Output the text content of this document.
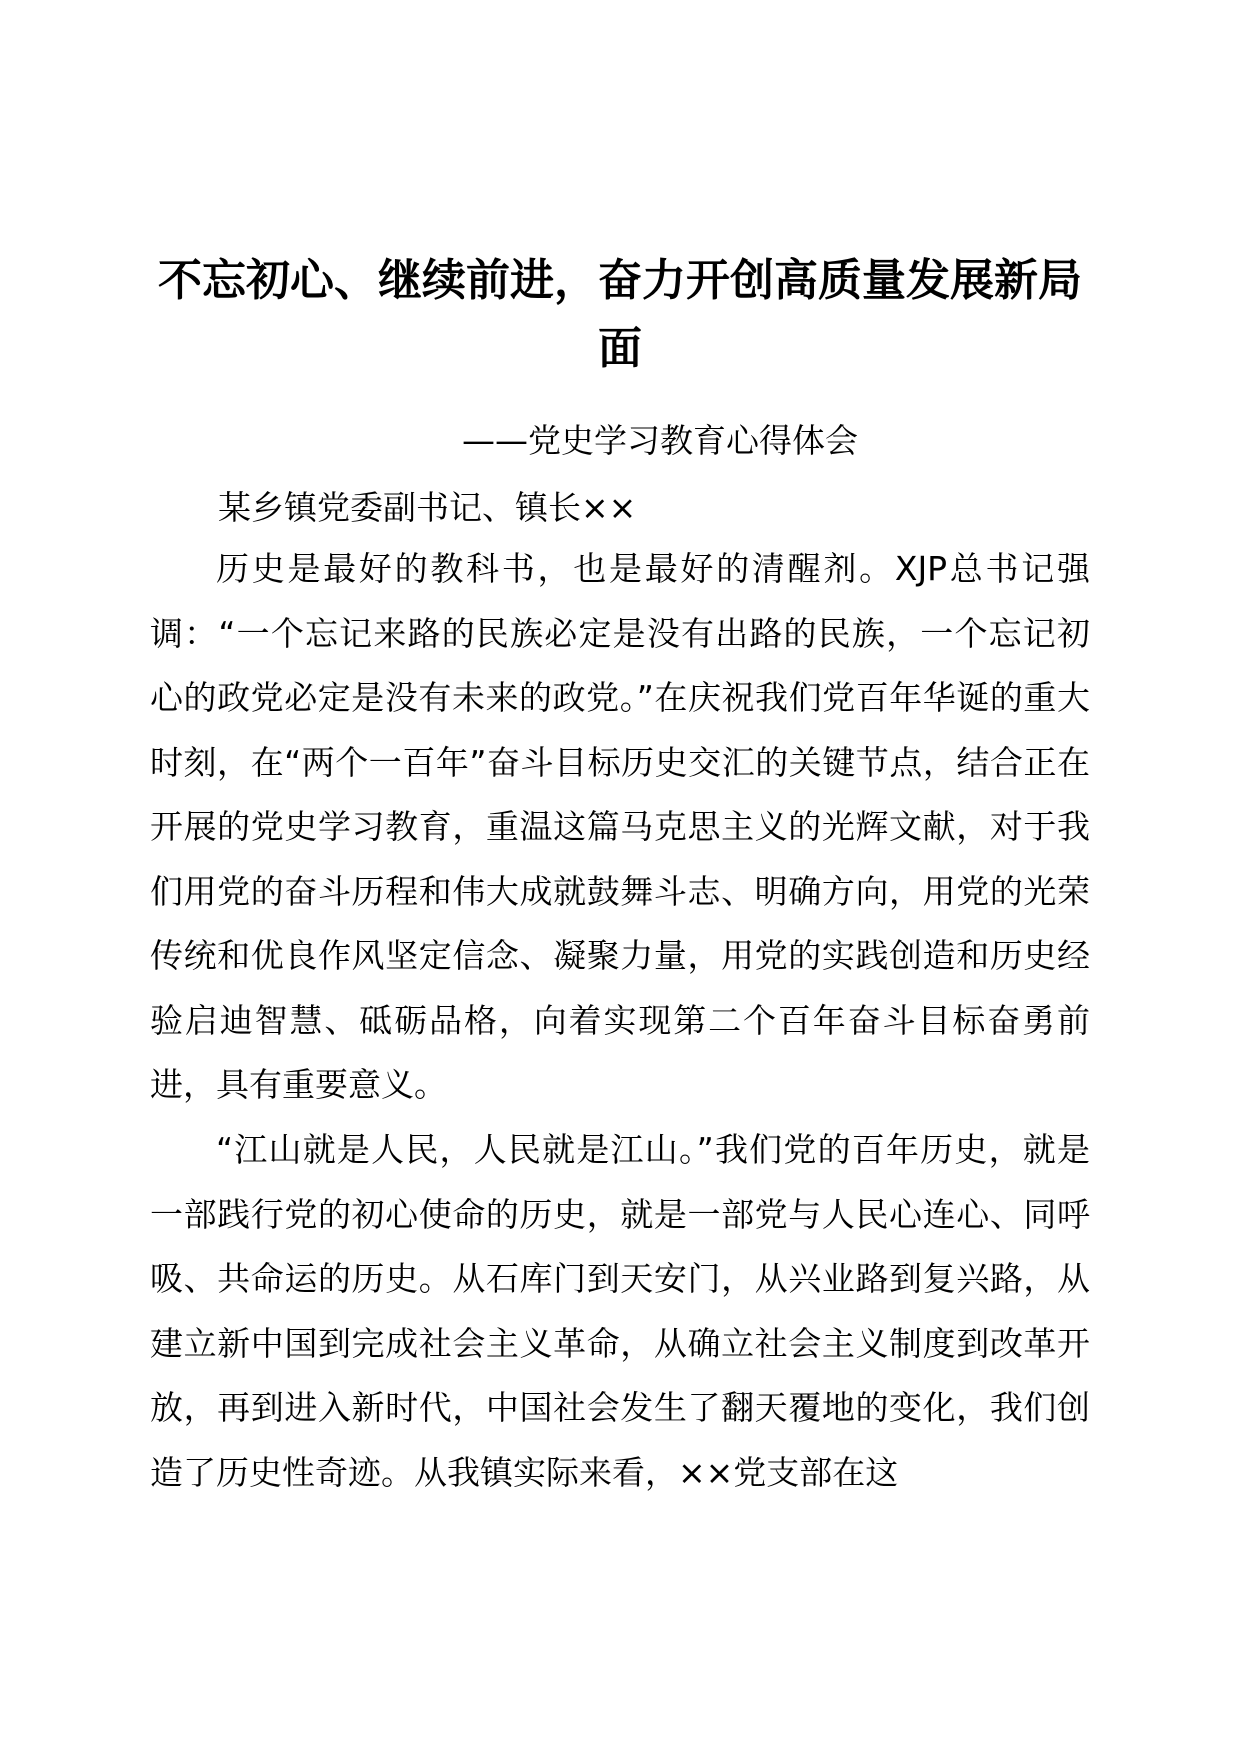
不忘初心、继续前进，奋力开创高质量发展新局面

——党史学习教育心得体会

某乡镇党委副书记、镇长××

历史是最好的教科书，也是最好的清醒剂。XJP总书记强调：“一个忘记来路的民族必定是没有出路的民族，一个忘记初心的政党必定是没有未来的政党。”在庆祝我们党百年华诞的重大时刻，在“两个一百年”奋斗目标历史交汇的关键节点，结合正在开展的党史学习教育，重温这篇马克思主义的光辉文献，对于我们用党的奋斗历程和伟大成就鼓舞斗志、明确方向，用党的光荣传统和优良作风坚定信念、凝聚力量，用党的实践创造和历史经验启迪智慧、砥砺品格，向着实现第二个百年奋斗目标奋勇前进，具有重要意义。

“江山就是人民，人民就是江山。”我们党的百年历史，就是一部践行党的初心使命的历史，就是一部党与人民心连心、同呼吸、共命运的历史。从石库门到天安门，从兴业路到复兴路，从建立新中国到完成社会主义革命，从确立社会主义制度到改革开放，再到进入新时代，中国社会发生了翻天覆地的变化，我们创造了历史性奇迹。从我镇实际来看，××党支部在这
